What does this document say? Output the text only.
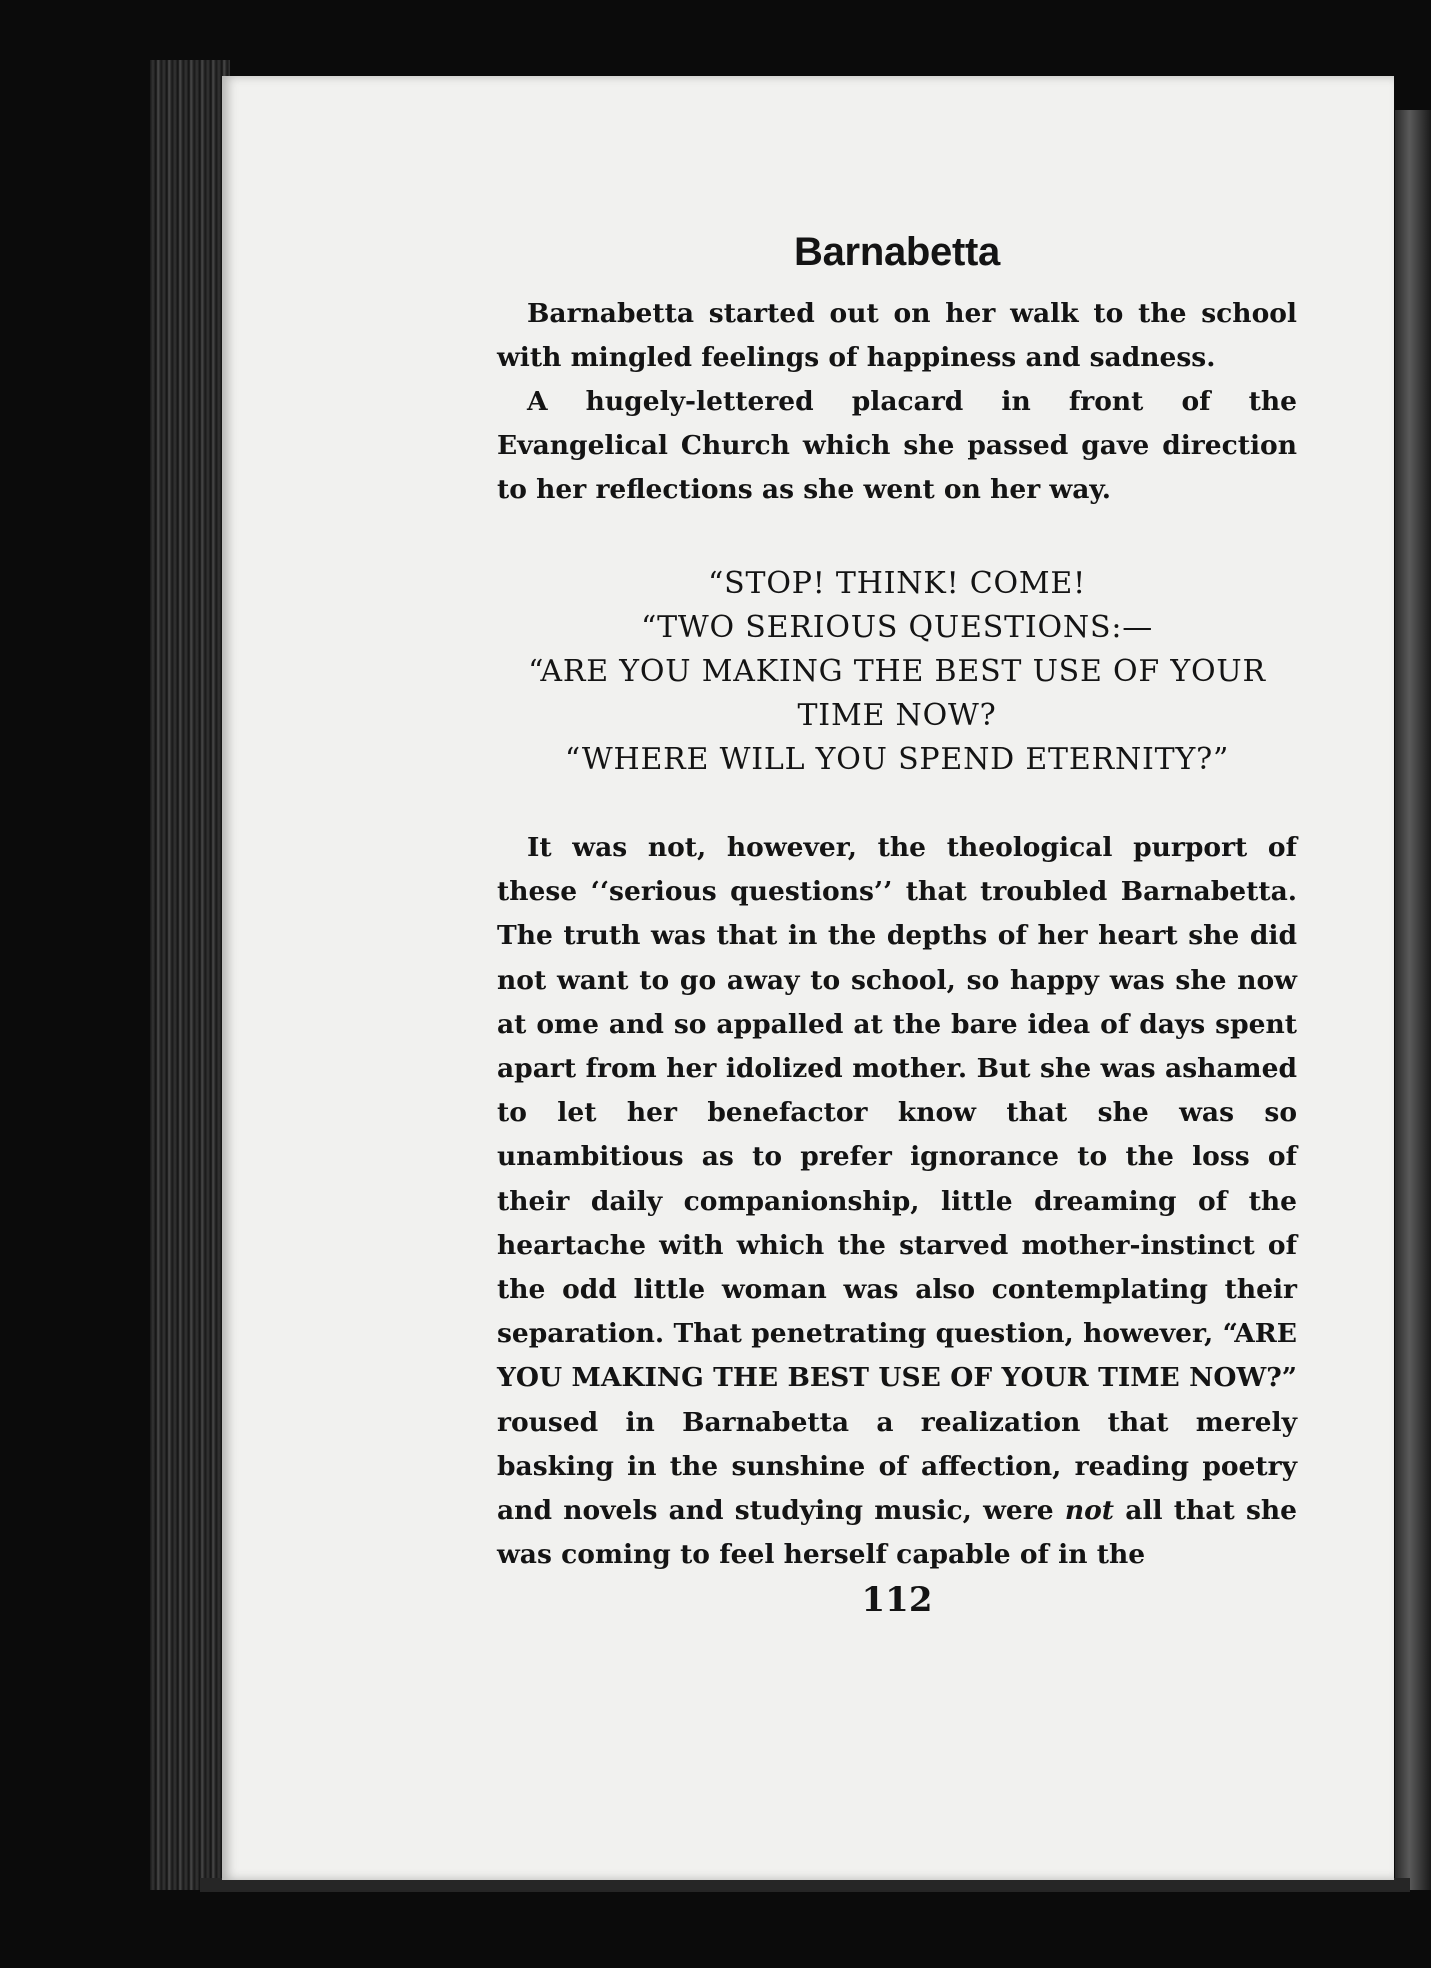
Barnabetta

Barnabetta started out on her walk to the school with mingled feelings of happiness and sadness.

A hugely-lettered placard in front of the Evangelical Church which she passed gave direction to her reflections as she went on her way.

“STOP! THINK! COME!
“TWO SERIOUS QUESTIONS:—
“ARE YOU MAKING THE BEST USE OF YOUR
TIME NOW?
“WHERE WILL YOU SPEND ETERNITY?”

It was not, however, the theological purport of these ‘‘serious questions’’ that troubled Barnabetta. The truth was that in the depths of her heart she did not want to go away to school, so happy was she now at ome and so appalled at the bare idea of days spent apart from her idolized mother. But she was ashamed to let her benefactor know that she was so unambitious as to prefer ignorance to the loss of their daily companionship, little dreaming of the heartache with which the starved mother-instinct of the odd little woman was also contemplating their separation. That penetrating question, however, “ARE YOU MAKING THE BEST USE OF YOUR TIME NOW?” roused in Barnabetta a realization that merely basking in the sunshine of affection, reading poetry and novels and studying music, were not all that she was coming to feel herself capable of in the

112
